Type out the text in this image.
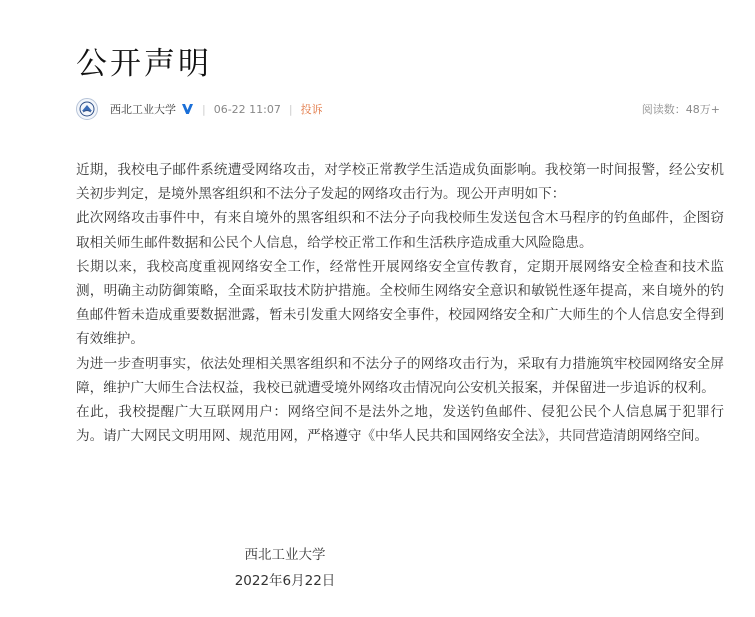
公开声明
西北工业大学 | 06-22 11:07 | 投诉	阅读数：48万+

近期，我校电子邮件系统遭受网络攻击，对学校正常教学生活造成负面影响。我校第一时间报警，经公安机关初步判定，是境外黑客组织和不法分子发起的网络攻击行为。现公开声明如下：

此次网络攻击事件中，有来自境外的黑客组织和不法分子向我校师生发送包含木马程序的钓鱼邮件，企图窃取相关师生邮件数据和公民个人信息，给学校正常工作和生活秩序造成重大风险隐患。

长期以来，我校高度重视网络安全工作，经常性开展网络安全宣传教育，定期开展网络安全检查和技术监测，明确主动防御策略，全面采取技术防护措施。全校师生网络安全意识和敏锐性逐年提高，来自境外的钓鱼邮件暂未造成重要数据泄露，暂未引发重大网络安全事件，校园网络安全和广大师生的个人信息安全得到有效维护。

为进一步查明事实，依法处理相关黑客组织和不法分子的网络攻击行为，采取有力措施筑牢校园网络安全屏障，维护广大师生合法权益，我校已就遭受境外网络攻击情况向公安机关报案，并保留进一步追诉的权利。

在此，我校提醒广大互联网用户：网络空间不是法外之地，发送钓鱼邮件、侵犯公民个人信息属于犯罪行为。请广大网民文明用网、规范用网，严格遵守《中华人民共和国网络安全法》，共同营造清朗网络空间。

西北工业大学
2022年6月22日
